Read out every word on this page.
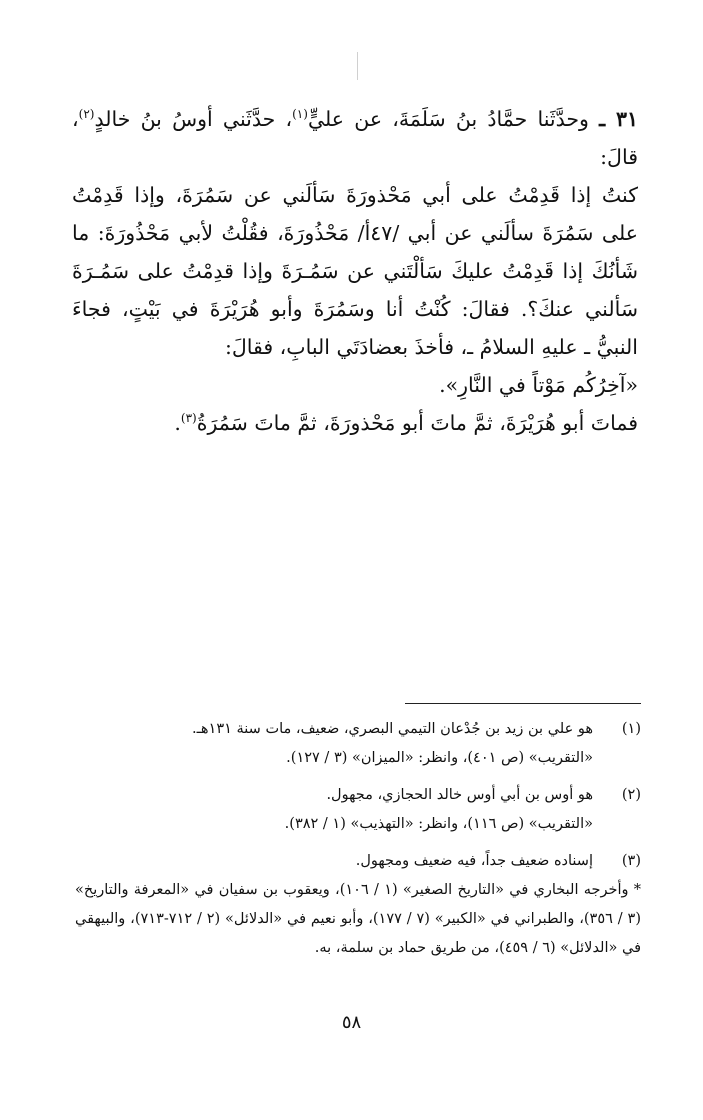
٣١ ـ وحدَّثَنا حمَّادُ بنُ سَلَمَةَ، عن عليٍّ$^{(١)}$، حدَّثَني أوسُ بنُ خالدٍ$^{(٢)}$، قالَ:

كنتُ إذا قَدِمْتُ على أبي مَحْذورَةَ سَألَني عن سَمُرَةَ، وإذا قَدِمْتُ على سَمُرَةَ سألَني عن أبي /٤٧أ/ مَحْذُورَةَ، فقُلْتُ لأبي مَحْذُورَةَ: ما شَأنُكَ إذا قَدِمْتُ عليكَ سَألْتَني عن سَمُـرَةَ وإذا قدِمْتُ على سَمُـرَةَ سَألني عنكَ؟. فقالَ: كُنْتُ أنا وسَمُرَةَ وأبو هُرَيْرَةَ في بَيْتٍ، فجاءَ النبيُّ ـ عليهِ السلامُ ـ، فأخذَ بعضادَتَي البابِ، فقالَ:

«آخِرُكُم مَوْتاً في النَّارِ».

فماتَ أبو هُرَيْرَةَ، ثمَّ ماتَ أبو مَحْذورَةَ، ثمَّ ماتَ سَمُرَةُ$^{(٣)}$.

(١)
هو علي بن زيد بن جُدْعان التيمي البصري، ضعيف، مات سنة ١٣١هـ.

«التقريب» (ص ٤٠١)، وانظر: «الميزان» (٣ / ١٢٧).

(٢)
هو أوس بن أبي أوس خالد الحجازي، مجهول.

«التقريب» (ص ١١٦)، وانظر: «التهذيب» (١ / ٣٨٢).

(٣)
إسناده ضعيف جداً، فيه ضعيف ومجهول.

* وأخرجه البخاري في «التاريخ الصغير» (١ / ١٠٦)، ويعقوب بن سفيان في «المعرفة والتاريخ» (٣ / ٣٥٦)، والطبراني في «الكبير» (٧ / ١٧٧)، وأبو نعيم في «الدلائل» (٢ / ٧١٢-٧١٣)، والبيهقي في «الدلائل» (٦ / ٤٥٩)، من طريق حماد بن سلمة، به.

٥٨
